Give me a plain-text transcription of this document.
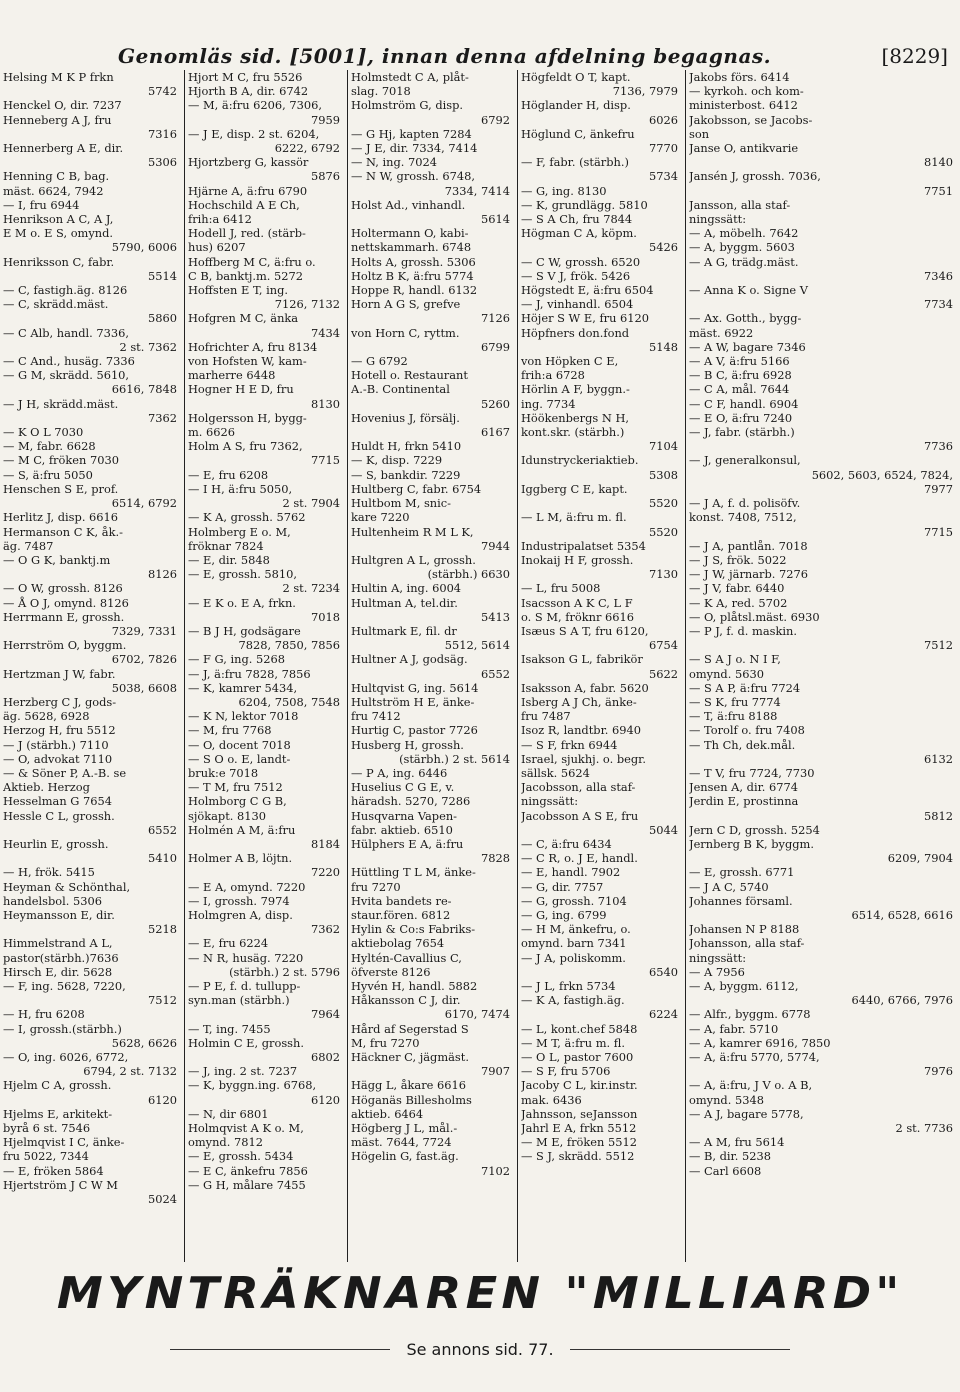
Genomläs sid. [5001], innan denna afdelning begagnas.	[8229]
Helsing M K P frkn
5742
Henckel O, dir. 7237
Henneberg A J, fru
7316
Hennerberg A E, dir.
5306
Henning C B, bag.
mäst. 6624, 7942
— I, fru 6944
Henrikson A C, A J,
E M o. E S, omynd.
5790, 6006
Henriksson C, fabr.
5514
— C, fastigh.äg. 8126
— C, skrädd.mäst.
5860
— C Alb, handl. 7336,
2 st. 7362
— C And., husäg. 7336
— G M, skrädd. 5610,
6616, 7848
— J H, skrädd.mäst.
7362
— K O L 7030
— M, fabr. 6628
— M C, fröken 7030
— S, ä:fru 5050
Henschen S E, prof.
6514, 6792
Herlitz J, disp. 6616
Hermanson C K, åk.-
äg. 7487
— O G K, banktj.m
8126
— O W, grossh. 8126
— Å O J, omynd. 8126
Herrmann E, grossh.
7329, 7331
Herrström O, byggm.
6702, 7826
Hertzman J W, fabr.
5038, 6608
Herzberg C J, gods-
äg. 5628, 6928
Herzog H, fru 5512
— J (stärbh.) 7110
— O, advokat 7110
— & Söner P, A.-B. se
Aktieb. Herzog
Hesselman G 7654
Hessle C L, grossh.
6552
Heurlin E, grossh.
5410
— H, frök. 5415
Heyman & Schönthal,
handelsbol. 5306
Heymansson E, dir.
5218
Himmelstrand A L,
pastor(stärbh.)7636
Hirsch E, dir. 5628
— F, ing. 5628, 7220,
7512
— H, fru 6208
— I, grossh.(stärbh.)
5628, 6626
— O, ing. 6026, 6772,
6794, 2 st. 7132
Hjelm C A, grossh.
6120
Hjelms E, arkitekt-
byrå 6 st. 7546
Hjelmqvist I C, änke-
fru 5022, 7344
— E, fröken 5864
Hjertström J C W M
5024
Hjort M C, fru 5526
Hjorth B A, dir. 6742
— M, ä:fru 6206, 7306,
7959
— J E, disp. 2 st. 6204,
6222, 6792
Hjortzberg G, kassör
5876
Hjärne A, ä:fru 6790
Hochschild A E Ch,
frih:a 6412
Hodell J, red. (stärb-
hus) 6207
Hoffberg M C, ä:fru o.
C B, banktj.m. 5272
Hoffsten E T, ing.
7126, 7132
Hofgren M C, änka
7434
Hofrichter A, fru 8134
von Hofsten W, kam-
marherre 6448
Hogner H E D, fru
8130
Holgersson H, bygg-
m. 6626
Holm A S, fru 7362,
7715
— E, fru 6208
— I H, ä:fru 5050,
2 st. 7904
— K A, grossh. 5762
Holmberg E o. M,
fröknar 7824
— E, dir. 5848
— E, grossh. 5810,
2 st. 7234
— E K o. E A, frkn.
7018
— B J H, godsägare
7828, 7850, 7856
— F G, ing. 5268
— J, ä:fru 7828, 7856
— K, kamrer 5434,
6204, 7508, 7548
— K N, lektor 7018
— M, fru 7768
— O, docent 7018
— S O o. E, landt-
bruk:e 7018
— T M, fru 7512
Holmborg C G B,
sjökapt. 8130
Holmén A M, ä:fru
8184
Holmer A B, löjtn.
7220
— E A, omynd. 7220
— I, grossh. 7974
Holmgren A, disp.
7362
— E, fru 6224
— N R, husäg. 7220
(stärbh.) 2 st. 5796
— P E, f. d. tullupp-
syn.man (stärbh.)
7964
— T, ing. 7455
Holmin C E, grossh.
6802
— J, ing. 2 st. 7237
— K, byggn.ing. 6768,
6120
— N, dir 6801
Holmqvist A K o. M,
omynd. 7812
— E, grossh. 5434
— E C, änkefru 7856
— G H, målare 7455
Holmstedt C A, plåt-
slag. 7018
Holmström G, disp.
6792
— G Hj, kapten 7284
— J E, dir. 7334, 7414
— N, ing. 7024
— N W, grossh. 6748,
7334, 7414
Holst Ad., vinhandl.
5614
Holtermann O, kabi-
nettskammarh. 6748
Holts A, grossh. 5306
Holtz B K, ä:fru 5774
Hoppe R, handl. 6132
Horn A G S, grefve
7126
von Horn C, ryttm.
6799
— G 6792
Hotell o. Restaurant
A.-B. Continental
5260
Hovenius J, försälj.
6167
Huldt H, frkn 5410
— K, disp. 7229
— S, bankdir. 7229
Hultberg C, fabr. 6754
Hultbom M, snic-
kare 7220
Hultenheim R M L K,
7944
Hultgren A L, grossh.
(stärbh.) 6630
Hultin A, ing. 6004
Hultman A, tel.dir.
5413
Hultmark E, fil. dr
5512, 5614
Hultner A J, godsäg.
6552
Hultqvist G, ing. 5614
Hultström H E, änke-
fru 7412
Hurtig C, pastor 7726
Husberg H, grossh.
(stärbh.) 2 st. 5614
— P A, ing. 6446
Huselius C G E, v.
häradsh. 5270, 7286
Husqvarna Vapen-
fabr. aktieb. 6510
Hülphers E A, ä:fru
7828
Hüttling T L M, änke-
fru 7270
Hvita bandets re-
staur.fören. 6812
Hylin & Co:s Fabriks-
aktiebolag 7654
Hyltén-Cavallius C,
öfverste 8126
Hyvén H, handl. 5882
Håkansson C J, dir.
6170, 7474
Hård af Segerstad S
M, fru 7270
Häckner C, jägmäst.
7907
Hägg L, åkare 6616
Höganäs Billesholms
aktieb. 6464
Högberg J L, mål.-
mäst. 7644, 7724
Högelin G, fast.äg.
7102
Högfeldt O T, kapt.
7136, 7979
Höglander H, disp.
6026
Höglund C, änkefru
7770
— F, fabr. (stärbh.)
5734
— G, ing. 8130
— K, grundlägg. 5810
— S A Ch, fru 7844
Högman C A, köpm.
5426
— C W, grossh. 6520
— S V J, frök. 5426
Högstedt E, ä:fru 6504
— J, vinhandl. 6504
Höjer S W E, fru 6120
Höpfners don.fond
5148
von Höpken C E,
frih:a 6728
Hörlin A F, byggn.-
ing. 7734
Höökenbergs N H,
kont.skr. (stärbh.)
7104
Idunstryckeriaktieb.
5308
Iggberg C E, kapt.
5520
— L M, ä:fru m. fl.
5520
Industripalatset 5354
Inokaij H F, grossh.
7130
— L, fru 5008
Isacsson A K C, L F
o. S M, fröknr 6616
Isæus S A T, fru 6120,
6754
Isakson G L, fabrikör
5622
Isaksson A, fabr. 5620
Isberg A J Ch, änke-
fru 7487
Isoz R, landtbr. 6940
— S F, frkn 6944
Israel, sjukhj. o. begr.
sällsk. 5624
Jacobsson, alla staf-
ningssätt:
Jacobsson A S E, fru
5044
— C, ä:fru 6434
— C R, o. J E, handl.
— E, handl. 7902
— G, dir. 7757
— G, grossh. 7104
— G, ing. 6799
— H M, änkefru, o.
omynd. barn 7341
— J A, poliskomm.
6540
— J L, frkn 5734
— K A, fastigh.äg.
6224
— L, kont.chef 5848
— M T, ä:fru m. fl.
— O L, pastor 7600
— S F, fru 5706
Jacoby C L, kir.instr.
mak. 6436
Jahnsson, seJansson
Jahrl E A, frkn 5512
— M E, fröken 5512
— S J, skrädd. 5512
Jakobs förs. 6414
— kyrkoh. och kom-
ministerbost. 6412
Jakobsson, se Jacobs-
son
Janse O, antikvarie
8140
Jansén J, grossh. 7036,
7751
Jansson, alla staf-
ningssätt:
— A, möbelh. 7642
— A, byggm. 5603
— A G, trädg.mäst.
7346
— Anna K o. Signe V
7734
— Ax. Gotth., bygg-
mäst. 6922
— A W, bagare 7346
— A V, ä:fru 5166
— B C, ä:fru 6928
— C A, mål. 7644
— C F, handl. 6904
— E O, ä:fru 7240
— J, fabr. (stärbh.)
7736
— J, generalkonsul,
5602, 5603, 6524, 7824,
7977
— J A, f. d. polisöfv.
konst. 7408, 7512,
7715
— J A, pantlån. 7018
— J S, frök. 5022
— J W, järnarb. 7276
— J V, fabr. 6440
— K A, red. 5702
— O, plåtsl.mäst. 6930
— P J, f. d. maskin.
7512
— S A J o. N I F,
omynd. 5630
— S A P, ä:fru 7724
— S K, fru 7774
— T, ä:fru 8188
— Torolf o. fru 7408
— Th Ch, dek.mål.
6132
— T V, fru 7724, 7730
Jensen A, dir. 6774
Jerdin E, prostinna
5812
Jern C D, grossh. 5254
Jernberg B K, byggm.
6209, 7904
— E, grossh. 6771
— J A C, 5740
Johannes församl.
6514, 6528, 6616
Johansen N P 8188
Johansson, alla staf-
ningssätt:
— A 7956
— A, byggm. 6112,
6440, 6766, 7976
— Alfr., byggm. 6778
— A, fabr. 5710
— A, kamrer 6916, 7850
— A, ä:fru 5770, 5774,
7976
— A, ä:fru, J V o. A B,
omynd. 5348
— A J, bagare 5778,
2 st. 7736
— A M, fru 5614
— B, dir. 5238
— Carl 6608
MYNTRÄKNAREN "MILLIARD"
Se annons sid. 77.
